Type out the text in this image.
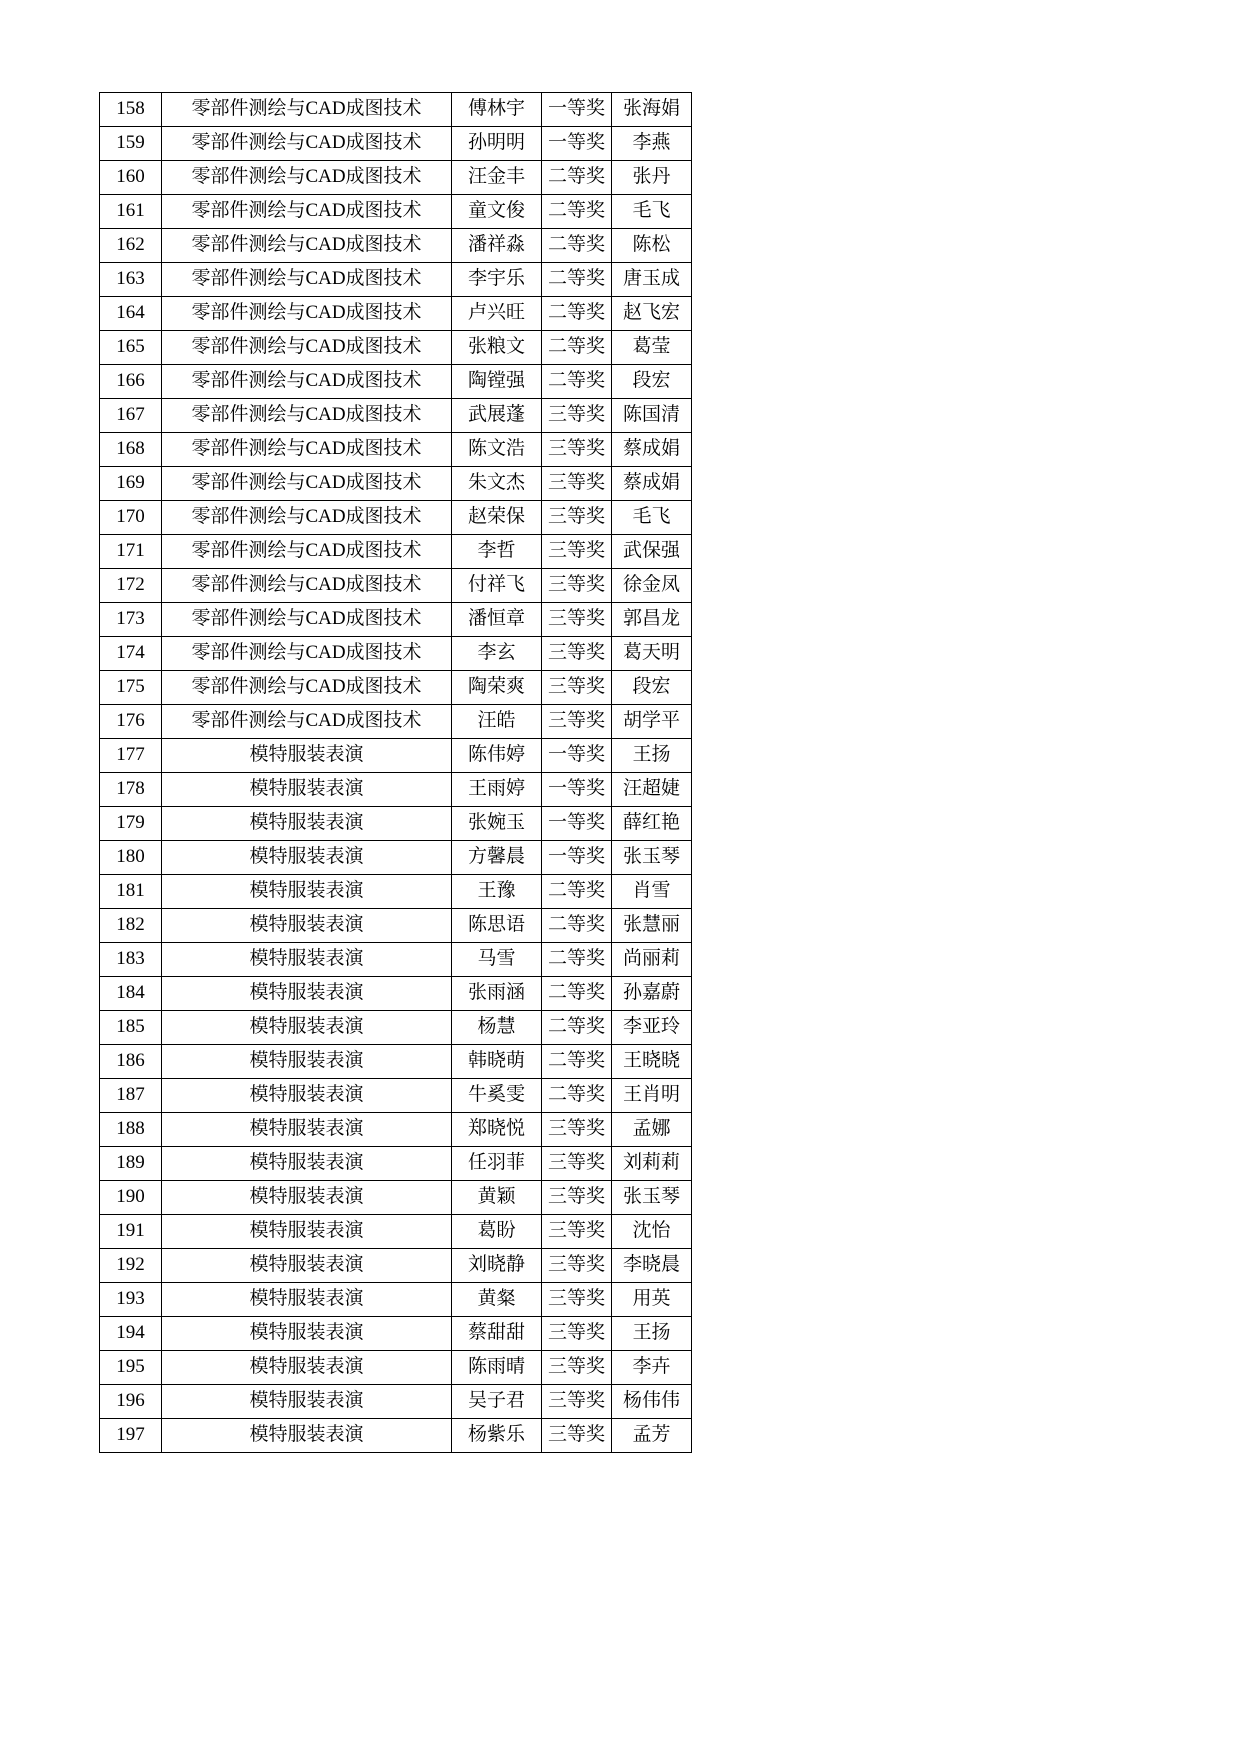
158	零部件测绘与CAD成图技术	傅林宇	一等奖	张海娟
159	零部件测绘与CAD成图技术	孙明明	一等奖	李燕
160	零部件测绘与CAD成图技术	汪金丰	二等奖	张丹
161	零部件测绘与CAD成图技术	童文俊	二等奖	毛飞
162	零部件测绘与CAD成图技术	潘祥淼	二等奖	陈松
163	零部件测绘与CAD成图技术	李宇乐	二等奖	唐玉成
164	零部件测绘与CAD成图技术	卢兴旺	二等奖	赵飞宏
165	零部件测绘与CAD成图技术	张粮文	二等奖	葛莹
166	零部件测绘与CAD成图技术	陶镗强	二等奖	段宏
167	零部件测绘与CAD成图技术	武展蓬	三等奖	陈国清
168	零部件测绘与CAD成图技术	陈文浩	三等奖	蔡成娟
169	零部件测绘与CAD成图技术	朱文杰	三等奖	蔡成娟
170	零部件测绘与CAD成图技术	赵荣保	三等奖	毛飞
171	零部件测绘与CAD成图技术	李哲	三等奖	武保强
172	零部件测绘与CAD成图技术	付祥飞	三等奖	徐金凤
173	零部件测绘与CAD成图技术	潘恒章	三等奖	郭昌龙
174	零部件测绘与CAD成图技术	李玄	三等奖	葛天明
175	零部件测绘与CAD成图技术	陶荣爽	三等奖	段宏
176	零部件测绘与CAD成图技术	汪皓	三等奖	胡学平
177	模特服装表演	陈伟婷	一等奖	王扬
178	模特服装表演	王雨婷	一等奖	汪超婕
179	模特服装表演	张婉玉	一等奖	薛红艳
180	模特服装表演	方馨晨	一等奖	张玉琴
181	模特服装表演	王豫	二等奖	肖雪
182	模特服装表演	陈思语	二等奖	张慧丽
183	模特服装表演	马雪	二等奖	尚丽莉
184	模特服装表演	张雨涵	二等奖	孙嘉蔚
185	模特服装表演	杨慧	二等奖	李亚玲
186	模特服装表演	韩晓萌	二等奖	王晓晓
187	模特服装表演	牛奚雯	二等奖	王肖明
188	模特服装表演	郑晓悦	三等奖	孟娜
189	模特服装表演	任羽菲	三等奖	刘莉莉
190	模特服装表演	黄颖	三等奖	张玉琴
191	模特服装表演	葛盼	三等奖	沈怡
192	模特服装表演	刘晓静	三等奖	李晓晨
193	模特服装表演	黄粲	三等奖	用英
194	模特服装表演	蔡甜甜	三等奖	王扬
195	模特服装表演	陈雨晴	三等奖	李卉
196	模特服装表演	吴子君	三等奖	杨伟伟
197	模特服装表演	杨紫乐	三等奖	孟芳
